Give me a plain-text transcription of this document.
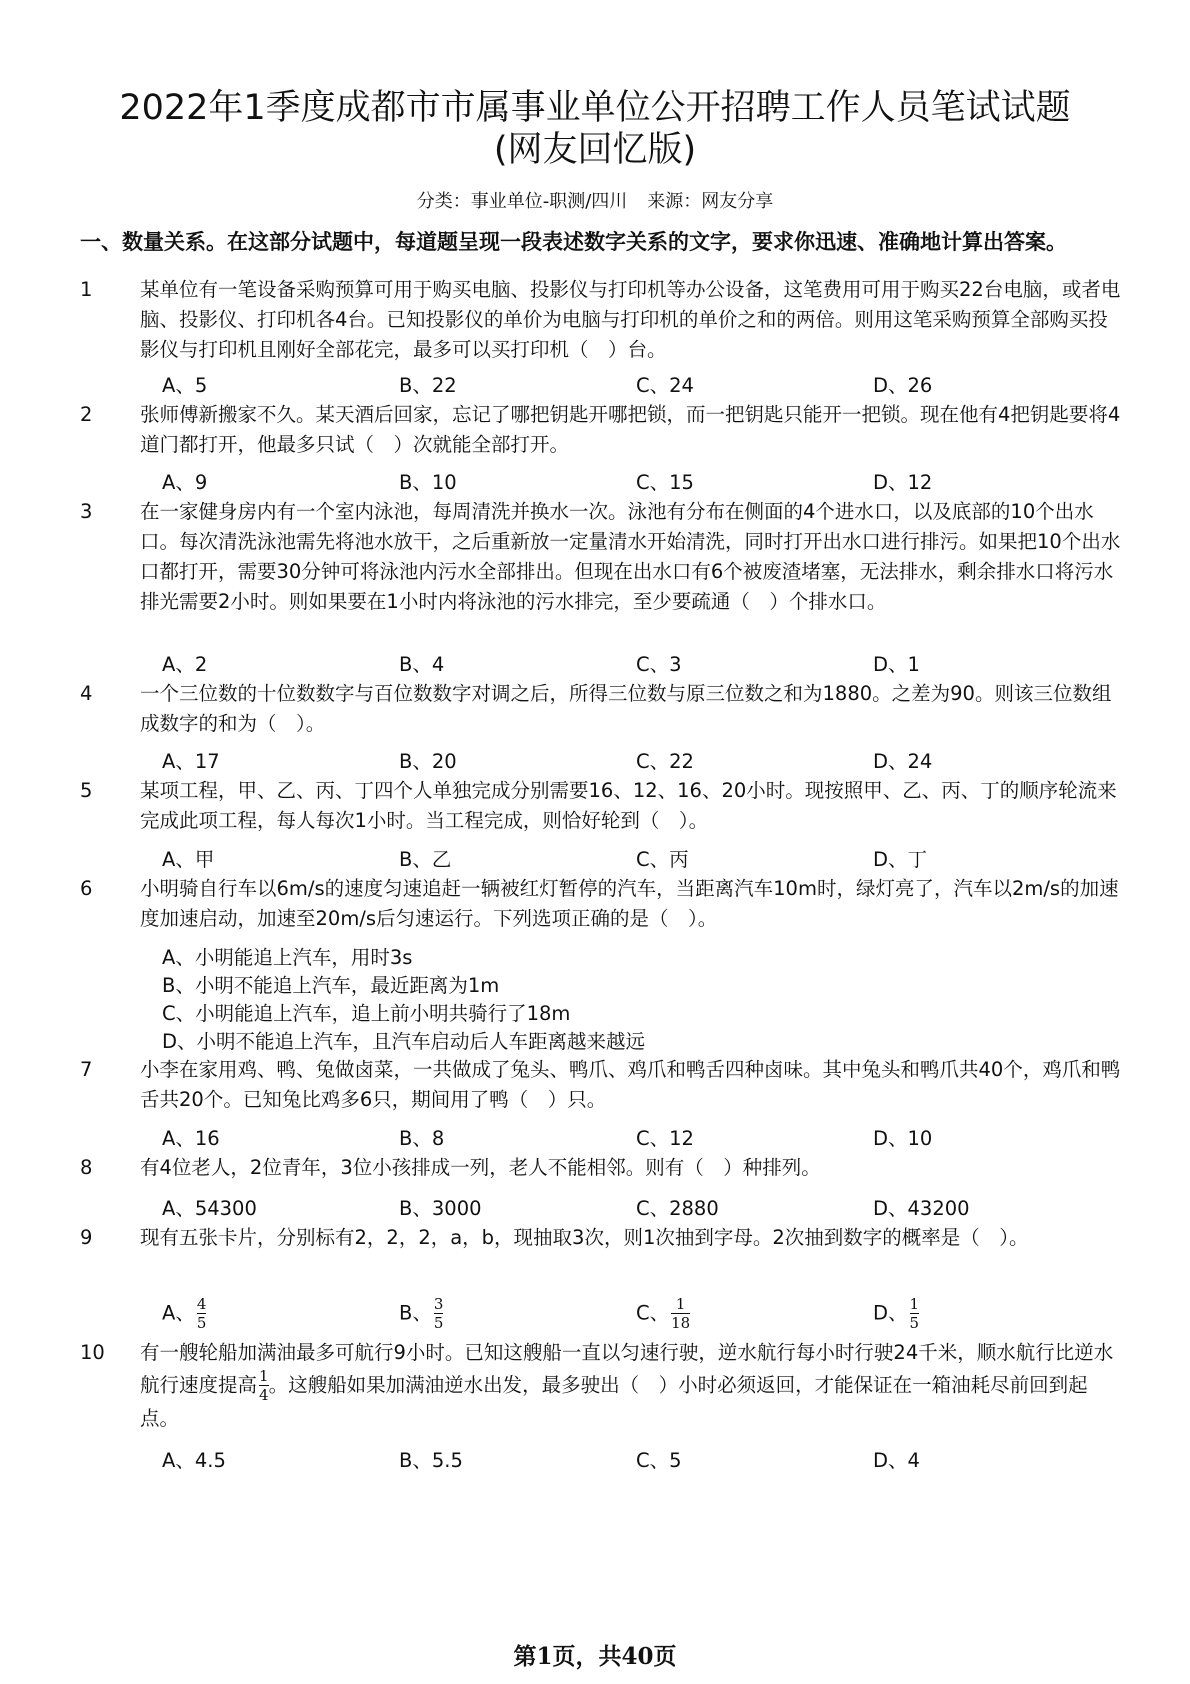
2022年1季度成都市市属事业单位公开招聘工作人员笔试试题
(网友回忆版)
分类：事业单位-职测/四川 来源：网友分享
一、数量关系。在这部分试题中，每道题呈现一段表述数字关系的文字，要求你迅速、准确地计算出答案。
1 某单位有一笔设备采购预算可用于购买电脑、投影仪与打印机等办公设备，这笔费用可用于购买22台电脑，或者电脑、投影仪、打印机各4台。已知投影仪的单价为电脑与打印机的单价之和的两倍。则用这笔采购预算全部购买投影仪与打印机且刚好全部花完，最多可以买打印机（　）台。
A、5	B、22	C、24	D、26
2 张师傅新搬家不久。某天酒后回家，忘记了哪把钥匙开哪把锁，而一把钥匙只能开一把锁。现在他有4把钥匙要将4道门都打开，他最多只试（　）次就能全部打开。
A、9	B、10	C、15	D、12
3 在一家健身房内有一个室内泳池，每周清洗并换水一次。泳池有分布在侧面的4个进水口，以及底部的10个出水口。每次清洗泳池需先将池水放干，之后重新放一定量清水开始清洗，同时打开出水口进行排污。如果把10个出水口都打开，需要30分钟可将泳池内污水全部排出。但现在出水口有6个被废渣堵塞，无法排水，剩余排水口将污水排光需要2小时。则如果要在1小时内将泳池的污水排完，至少要疏通（　）个排水口。
A、2	B、4	C、3	D、1
4 一个三位数的十位数数字与百位数数字对调之后，所得三位数与原三位数之和为1880。之差为90。则该三位数组成数字的和为（　）。
A、17	B、20	C、22	D、24
5 某项工程，甲、乙、丙、丁四个人单独完成分别需要16、12、16、20小时。现按照甲、乙、丙、丁的顺序轮流来完成此项工程，每人每次1小时。当工程完成，则恰好轮到（　）。
A、甲	B、乙	C、丙	D、丁
6 小明骑自行车以6m/s的速度匀速追赶一辆被红灯暂停的汽车，当距离汽车10m时，绿灯亮了，汽车以2m/s的加速度加速启动，加速至20m/s后匀速运行。下列选项正确的是（　）。
A、小明能追上汽车，用时3s
B、小明不能追上汽车，最近距离为1m
C、小明能追上汽车，追上前小明共骑行了18m
D、小明不能追上汽车，且汽车启动后人车距离越来越远
7 小李在家用鸡、鸭、兔做卤菜，一共做成了兔头、鸭爪、鸡爪和鸭舌四种卤味。其中兔头和鸭爪共40个，鸡爪和鸭舌共20个。已知兔比鸡多6只，期间用了鸭（　）只。
A、16	B、8	C、12	D、10
8 有4位老人，2位青年，3位小孩排成一列，老人不能相邻。则有（　）种排列。
A、54300	B、3000	C、2880	D、43200
9 现有五张卡片，分别标有2，2，2，a，b，现抽取3次，则1次抽到字母。2次抽到数字的概率是（　）。
A、 $\frac{4}{5}$	B、 $\frac{3}{5}$	C、 $\frac{1}{18}$	D、 $\frac{1}{5}$
10 有一艘轮船加满油最多可航行9小时。已知这艘船一直以匀速行驶，逆水航行每小时行驶24千米，顺水航行比逆水航行速度提高 $\frac{1}{4}$ 。这艘船如果加满油逆水出发，最多驶出（　）小时必须返回，才能保证在一箱油耗尽前回到起点。
A、4.5	B、5.5	C、5	D、4
第1页，共40页
